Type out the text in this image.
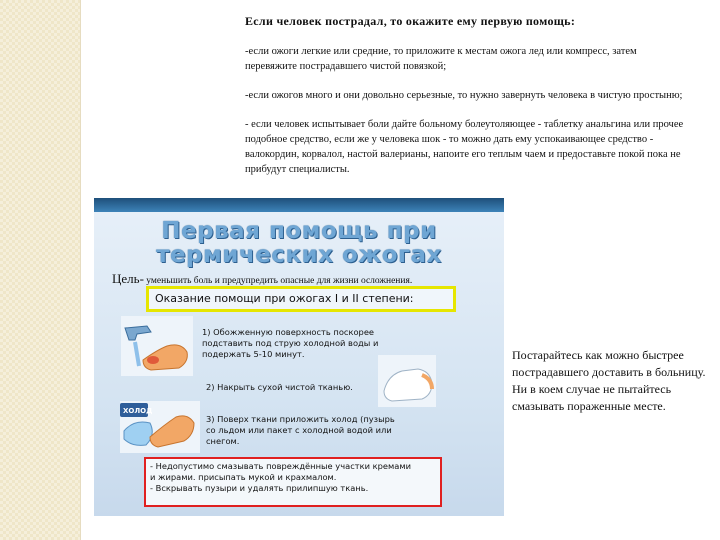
Если человек пострадал, то окажите ему первую помощь:
-если ожоги легкие или средние, то приложите к местам ожога лед или компресс, затем перевяжите пострадавшего чистой повязкой;
-если ожогов много и они довольно серьезные, то нужно завернуть человека в чистую простыню;
- если человек испытывает боли дайте больному болеутоляющее - таблетку анальгина или прочее подобное средство, если же у человека шок - то можно дать ему успокаивающее средство - валокордин, корвалол, настой валерианы, напоите его теплым чаем и предоставьте покой пока не прибудут специалисты.
Первая помощь при
термических ожогах
Цель- уменьшить боль и предупредить опасные для жизни осложнения.
Оказание помощи при ожогах I и II степени:
1) Обожженную поверхность поскорее подставить под струю холодной воды и подержать 5-10 минут.
2) Накрыть сухой чистой тканью.
ХОЛОД
3) Поверх ткани приложить холод (пузырь со льдом или пакет с холодной водой или снегом.
- Недопустимо смазывать повреждённые участки кремами
и жирами. присыпать мукой и крахмалом.
- Вскрывать пузыри и удалять прилипшую ткань.
Постарайтесь как можно быстрее пострадавшего доставить в больницу. Ни в коем случае не пытайтесь смазывать пораженные месте.
